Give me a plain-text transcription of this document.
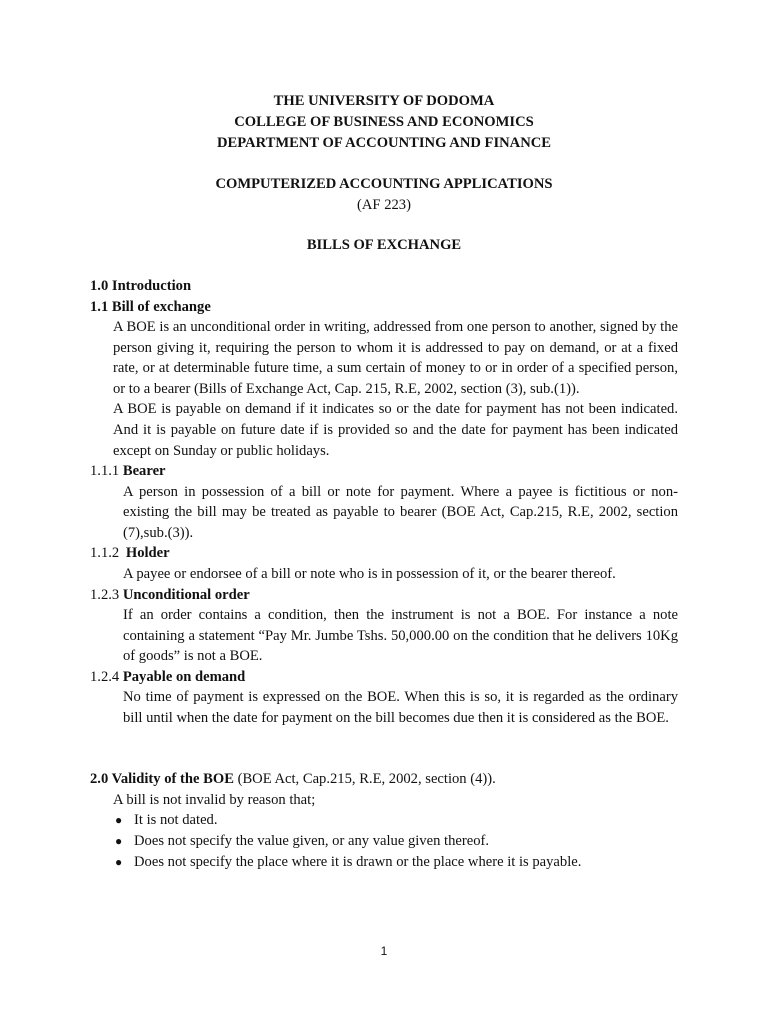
THE UNIVERSITY OF DODOMA

COLLEGE OF BUSINESS AND ECONOMICS

DEPARTMENT OF ACCOUNTING AND FINANCE

COMPUTERIZED ACCOUNTING APPLICATIONS
(AF 223)
BILLS OF EXCHANGE

1.0 Introduction

1.1 Bill of exchange

A BOE is an unconditional order in writing, addressed from one person to another, signed by the person giving it, requiring the person to whom it is addressed to pay on demand, or at a fixed rate, or at determinable future time, a sum certain of money to or in order of a specified person, or to a bearer (Bills of Exchange Act, Cap. 215, R.E, 2002, section (3), sub.(1)).

A BOE is payable on demand if it indicates so or the date for payment has not been indicated. And it is payable on future date if is provided so and the date for payment has been indicated except on Sunday or public holidays.

1.1.1 Bearer

A person in possession of a bill or note for payment. Where a payee is fictitious or non-existing the bill may be treated as payable to bearer (BOE Act, Cap.215, R.E, 2002, section (7),sub.(3)).

1.1.2 Holder

A payee or endorsee of a bill or note who is in possession of it, or the bearer thereof.

1.2.3 Unconditional order

If an order contains a condition, then the instrument is not a BOE. For instance a note containing a statement “Pay Mr. Jumbe Tshs. 50,000.00 on the condition that he delivers 10Kg of goods” is not a BOE.

1.2.4 Payable on demand

No time of payment is expressed on the BOE. When this is so, it is regarded as the ordinary bill until when the date for payment on the bill becomes due then it is considered as the BOE.

2.0 Validity of the BOE (BOE Act, Cap.215, R.E, 2002, section (4)).

A bill is not invalid by reason that;

● It is not dated.
● Does not specify the value given, or any value given thereof.
● Does not specify the place where it is drawn or the place where it is payable.
1
